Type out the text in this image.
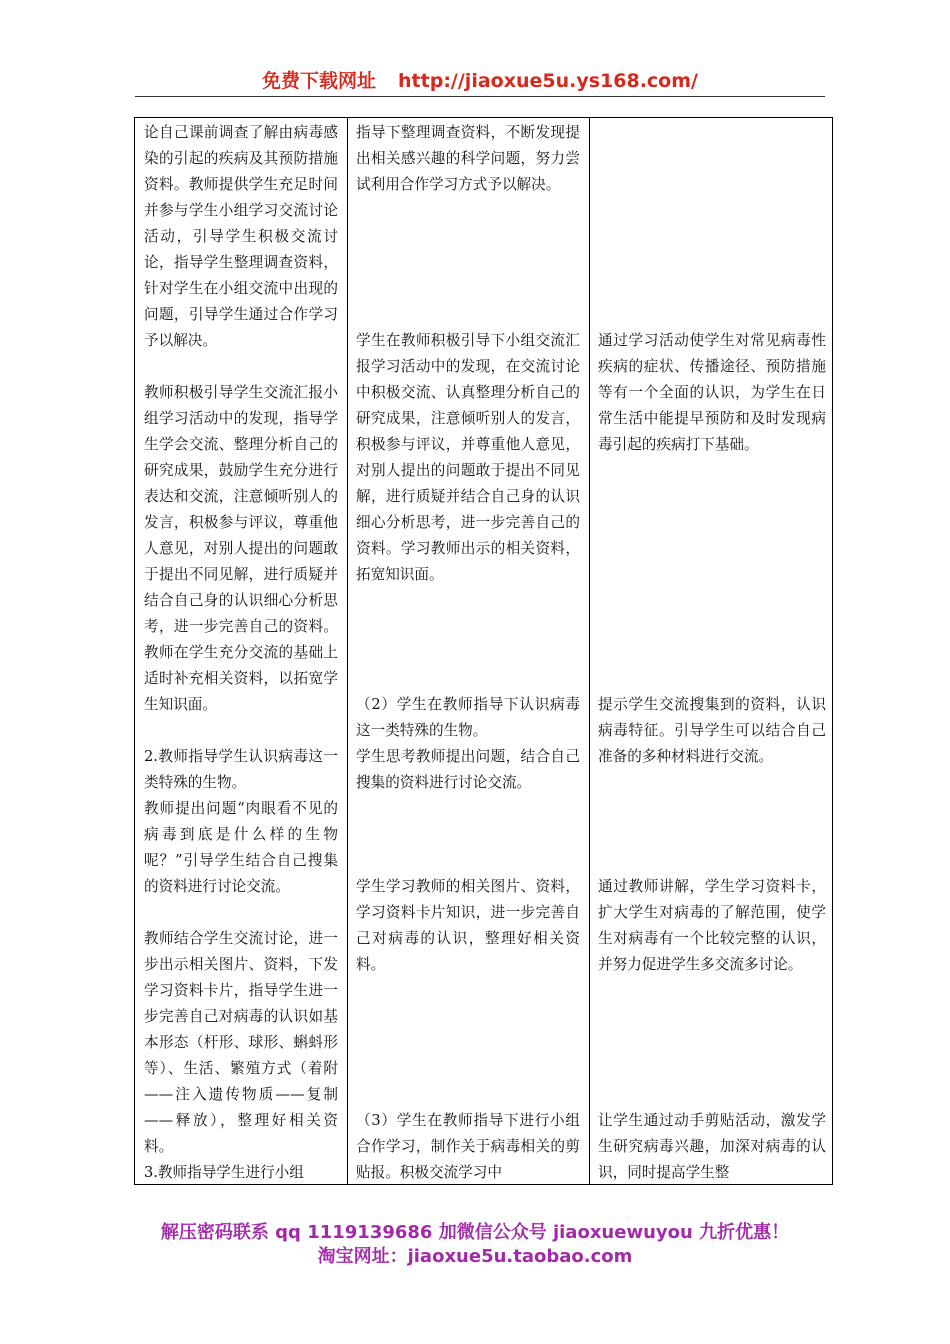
免费下载网址 http://jiaoxue5u.ys168.com/

论自己课前调查了解由病毒感染的引起的疾病及其预防措施资料。教师提供学生充足时间并参与学生小组学习交流讨论活动，引导学生积极交流讨论，指导学生整理调查资料，针对学生在小组交流中出现的问题，引导学生通过合作学习予以解决。

教师积极引导学生交流汇报小组学习活动中的发现，指导学生学会交流、整理分析自己的研究成果，鼓励学生充分进行表达和交流，注意倾听别人的发言，积极参与评议，尊重他人意见，对别人提出的问题敢于提出不同见解，进行质疑并结合自己身的认识细心分析思考，进一步完善自己的资料。教师在学生充分交流的基础上适时补充相关资料，以拓宽学生知识面。

2.教师指导学生认识病毒这一类特殊的生物。

教师提出问题“肉眼看不见的病毒到底是什么样的生物呢？”引导学生结合自己搜集的资料进行讨论交流。

教师结合学生交流讨论，进一步出示相关图片、资料，下发学习资料卡片，指导学生进一步完善自己对病毒的认识如基本形态（杆形、球形、蝌蚪形等）、生活、繁殖方式（着附——注入遗传物质——复制——释放），整理好相关资料。

3.教师指导学生进行小组

指导下整理调查资料，不断发现提出相关感兴趣的科学问题，努力尝试利用合作学习方式予以解决。

学生在教师积极引导下小组交流汇报学习活动中的发现，在交流讨论中积极交流、认真整理分析自己的研究成果，注意倾听别人的发言，积极参与评议，并尊重他人意见，对别人提出的问题敢于提出不同见解，进行质疑并结合自己身的认识细心分析思考，进一步完善自己的资料。学习教师出示的相关资料，拓宽知识面。

（2）学生在教师指导下认识病毒这一类特殊的生物。

学生思考教师提出问题，结合自己搜集的资料进行讨论交流。

学生学习教师的相关图片、资料，学习资料卡片知识，进一步完善自己对病毒的认识，整理好相关资料。

（3）学生在教师指导下进行小组合作学习，制作关于病毒相关的剪贴报。积极交流学习中

通过学习活动使学生对常见病毒性疾病的症状、传播途径、预防措施等有一个全面的认识，为学生在日常生活中能提早预防和及时发现病毒引起的疾病打下基础。

提示学生交流搜集到的资料，认识病毒特征。引导学生可以结合自己准备的多种材料进行交流。

通过教师讲解，学生学习资料卡，扩大学生对病毒的了解范围，使学生对病毒有一个比较完整的认识，并努力促进学生多交流多讨论。

让学生通过动手剪贴活动，激发学生研究病毒兴趣，加深对病毒的认识，同时提高学生整

解压密码联系 qq 1119139686 加微信公众号 jiaoxuewuyou 九折优惠！
淘宝网址：jiaoxue5u.taobao.com
